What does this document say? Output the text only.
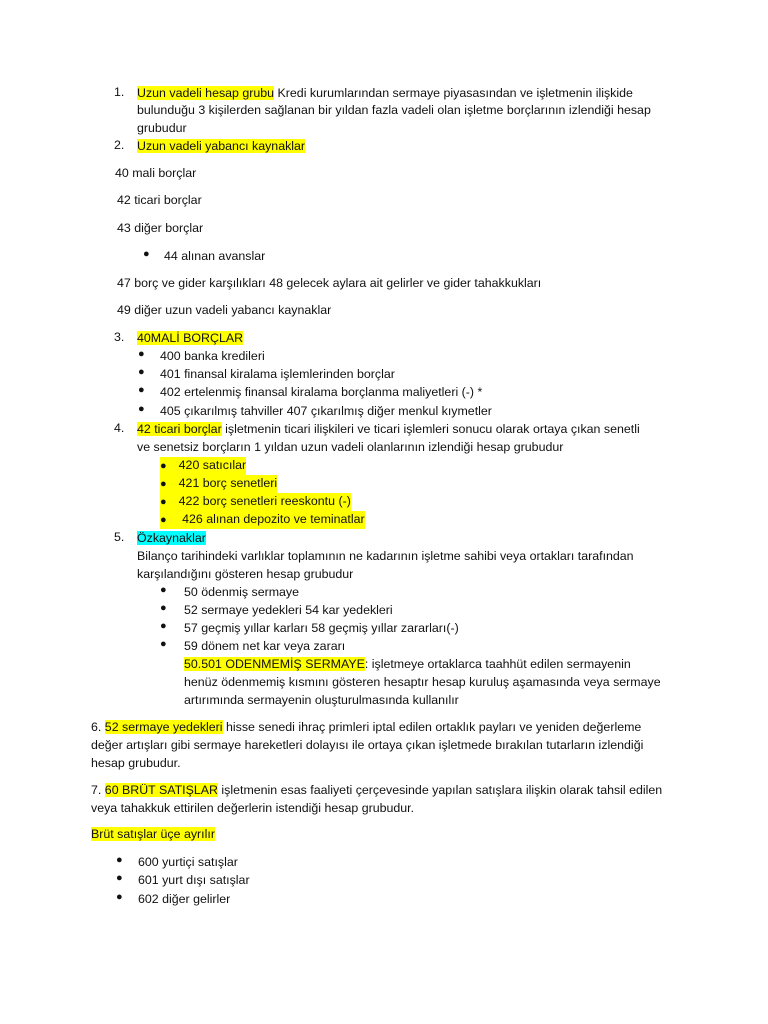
1. Uzun vadeli hesap grubu Kredi kurumlarından sermaye piyasasından ve işletmenin ilişkide
bulunduğu 3 kişilerden sağlanan bir yıldan fazla vadeli olan işletme borçlarının izlendiği hesap
grubudur
2. Uzun vadeli yabancı kaynaklar
40 mali borçlar
42 ticari borçlar
43 diğer borçlar
● 44 alınan avanslar
47 borç ve gider karşılıkları 48 gelecek aylara ait gelirler ve gider tahakkukları
49 diğer uzun vadeli yabancı kaynaklar
3. 40MALİ BORÇLAR
● 400 banka kredileri
● 401 finansal kiralama işlemlerinden borçlar
● 402 ertelenmiş finansal kiralama borçlanma maliyetleri (-) *
● 405 çıkarılmış tahviller 407 çıkarılmış diğer menkul kıymetler
4. 42 ticari borçlar işletmenin ticari ilişkileri ve ticari işlemleri sonucu olarak ortaya çıkan senetli
ve senetsiz borçların 1 yıldan uzun vadeli olanlarının izlendiği hesap grubudur
● 420 satıcılar
● 421 borç senetleri
● 422 borç senetleri reeskontu (-)
● 426 alınan depozito ve teminatlar
5. Özkaynaklar
Bilanço tarihindeki varlıklar toplamının ne kadarının işletme sahibi veya ortakları tarafından
karşılandığını gösteren hesap grubudur
● 50 ödenmiş sermaye
● 52 sermaye yedekleri 54 kar yedekleri
● 57 geçmiş yıllar karları 58 geçmiş yıllar zararları(-)
● 59 dönem net kar veya zararı
50.501 ODENMEMİŞ SERMAYE: işletmeye ortaklarca taahhüt edilen sermayenin
henüz ödenmemiş kısmını gösteren hesaptır hesap kuruluş aşamasında veya sermaye
artırımında sermayenin oluşturulmasında kullanılır
6. 52 sermaye yedekleri hisse senedi ihraç primleri iptal edilen ortaklık payları ve yeniden değerleme
değer artışları gibi sermaye hareketleri dolayısı ile ortaya çıkan işletmede bırakılan tutarların izlendiği
hesap grubudur.
7. 60 BRÜT SATIŞLAR işletmenin esas faaliyeti çerçevesinde yapılan satışlara ilişkin olarak tahsil edilen
veya tahakkuk ettirilen değerlerin istendiği hesap grubudur.
Brüt satışlar üçe ayrılır
● 600 yurtiçi satışlar
● 601 yurt dışı satışlar
● 602 diğer gelirler
